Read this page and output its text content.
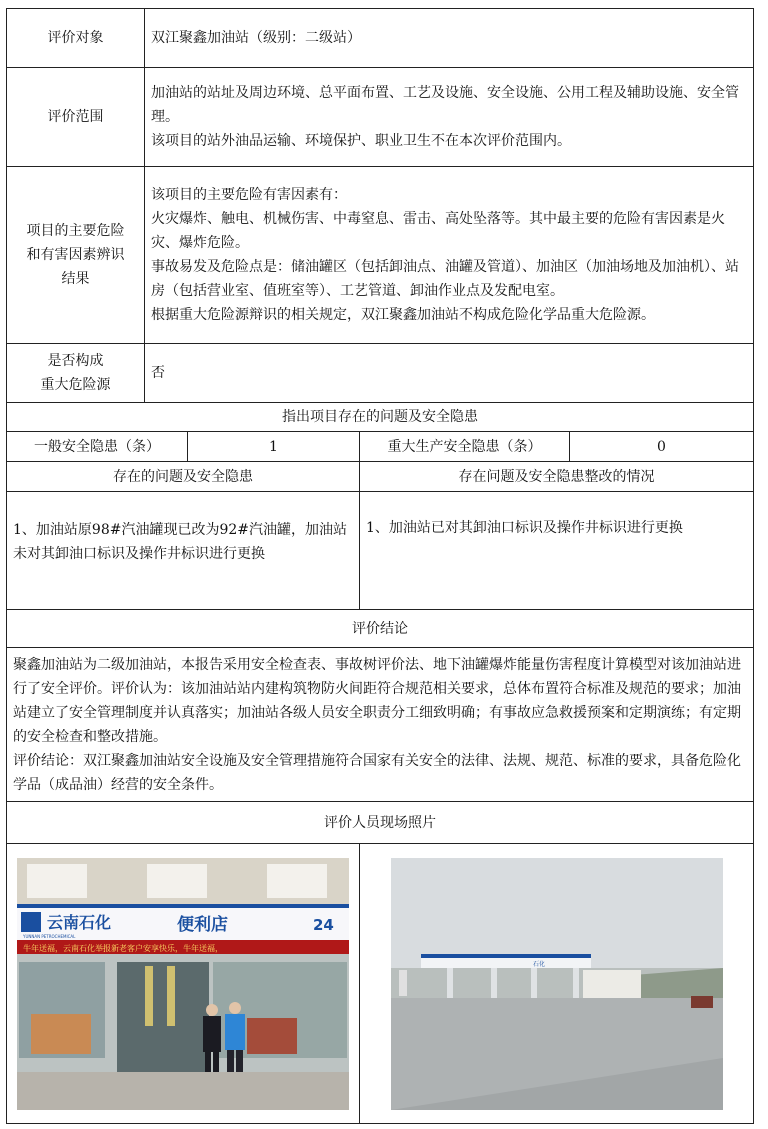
评价对象	双江聚鑫加油站（级别：二级站）			
评价范围	加油站的站址及周边环境、总平面布置、工艺及设施、安全设施、公用工程及辅助设施、安全管理。

该项目的站外油品运输、环境保护、职业卫生不在本次评价范围内。			

项目的主要危险和有害因素辨识结果	该项目的主要危险有害因素有：

火灾爆炸、触电、机械伤害、中毒窒息、雷击、高处坠落等。其中最主要的危险有害因素是火灾、爆炸危险。

事故易发及危险点是：储油罐区（包括卸油点、油罐及管道）、加油区（加油场地及加油机）、站房（包括营业室、值班室等）、工艺管道、卸油作业点及发配电室。

根据重大危险源辩识的相关规定，双江聚鑫加油站不构成危险化学品重大危险源。			

是否构成

重大危险源	否			
指出项目存在的问题及安全隐患				
一般安全隐患（条）		1	重大生产安全隐患（条）	0
存在的问题及安全隐患			存在问题及安全隐患整改的情况	
1、加油站原98#汽油罐现已改为92#汽油罐，加油站未对其卸油口标识及操作井标识进行更换			1、加油站已对其卸油口标识及操作井标识进行更换	
评价结论				

聚鑫加油站为二级加油站，本报告采用安全检查表、事故树评价法、地下油罐爆炸能量伤害程度计算模型对该加油站进行了安全评价。评价认为：该加油站站内建构筑物防火间距符合规范相关要求，总体布置符合标准及规范的要求；加油站建立了安全管理制度并认真落实；加油站各级人员安全职责分工细致明确；有事故应急救援预案和定期演练；有定期的安全检查和整改措施。

评价结论：双江聚鑫加油站安全设施及安全管理措施符合国家有关安全的法律、法规、规范、标准的要求，具备危险化学品（成品油）经营的安全条件。				

评价人员现场照片				

云南石化
YUNNAN PETROCHEMICAL
便利店 24
牛年送福，云南石化举报新老客户安享快乐，牛年送福，			石化	
